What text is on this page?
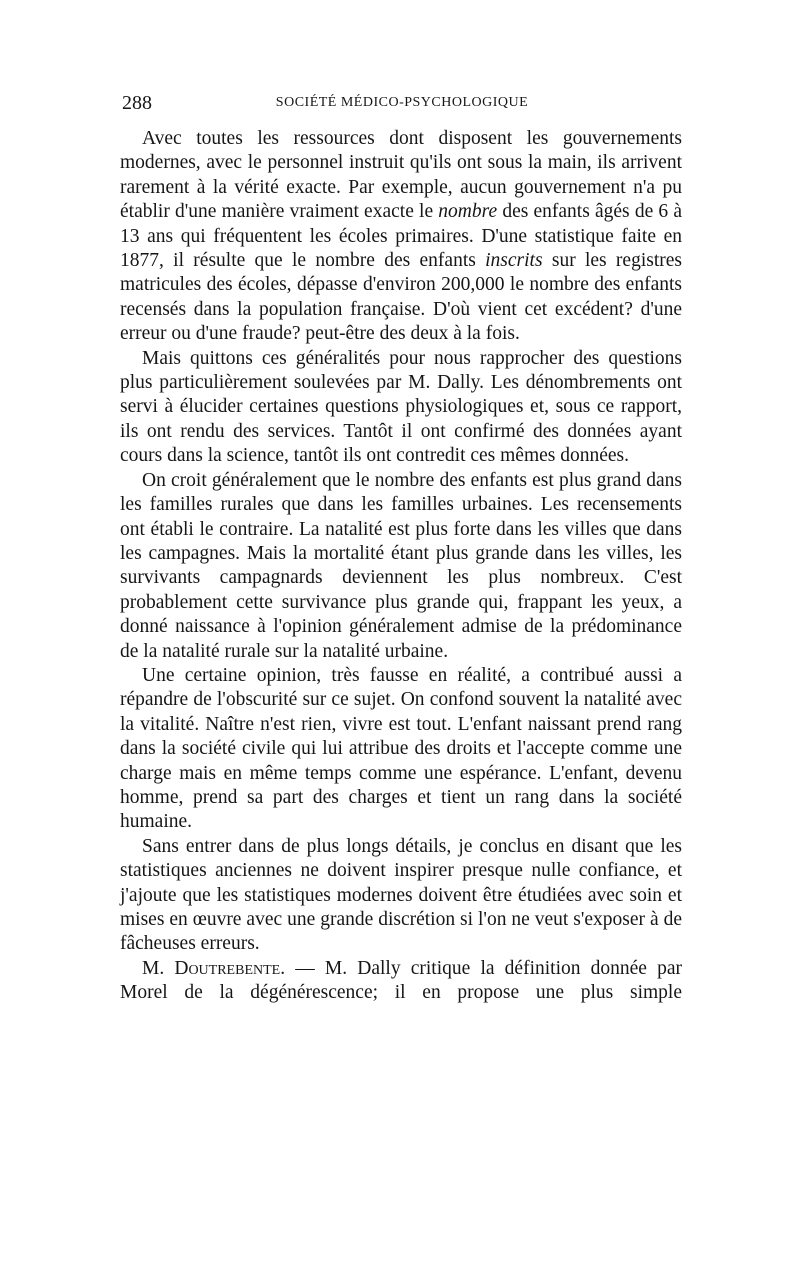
288	SOCIÉTÉ MÉDICO-PSYCHOLOGIQUE

Avec toutes les ressources dont disposent les gouvernements modernes, avec le personnel instruit qu'ils ont sous la main, ils arrivent rarement à la vérité exacte. Par exemple, aucun gouvernement n'a pu établir d'une manière vraiment exacte le nombre des enfants âgés de 6 à 13 ans qui fréquentent les écoles primaires. D'une statistique faite en 1877, il résulte que le nombre des enfants inscrits sur les registres matricules des écoles, dépasse d'environ 200,000 le nombre des enfants recensés dans la population française. D'où vient cet excédent? d'une erreur ou d'une fraude? peut-être des deux à la fois.

Mais quittons ces généralités pour nous rapprocher des questions plus particulièrement soulevées par M. Dally. Les dénombrements ont servi à élucider certaines questions physiologiques et, sous ce rapport, ils ont rendu des services. Tantôt il ont confirmé des données ayant cours dans la science, tantôt ils ont contredit ces mêmes données.

On croit généralement que le nombre des enfants est plus grand dans les familles rurales que dans les familles urbaines. Les recensements ont établi le contraire. La natalité est plus forte dans les villes que dans les campagnes. Mais la mortalité étant plus grande dans les villes, les survivants campagnards deviennent les plus nombreux. C'est probablement cette survivance plus grande qui, frappant les yeux, a donné naissance à l'opinion généralement admise de la prédominance de la natalité rurale sur la natalité urbaine.

Une certaine opinion, très fausse en réalité, a contribué aussi a répandre de l'obscurité sur ce sujet. On confond souvent la natalité avec la vitalité. Naître n'est rien, vivre est tout. L'enfant naissant prend rang dans la société civile qui lui attribue des droits et l'accepte comme une charge mais en même temps comme une espérance. L'enfant, devenu homme, prend sa part des charges et tient un rang dans la société humaine.

Sans entrer dans de plus longs détails, je conclus en disant que les statistiques anciennes ne doivent inspirer presque nulle confiance, et j'ajoute que les statistiques modernes doivent être étudiées avec soin et mises en œuvre avec une grande discrétion si l'on ne veut s'exposer à de fâcheuses erreurs.

M. Doutrebente. — M. Dally critique la définition donnée par Morel de la dégénérescence; il en propose une plus simple
